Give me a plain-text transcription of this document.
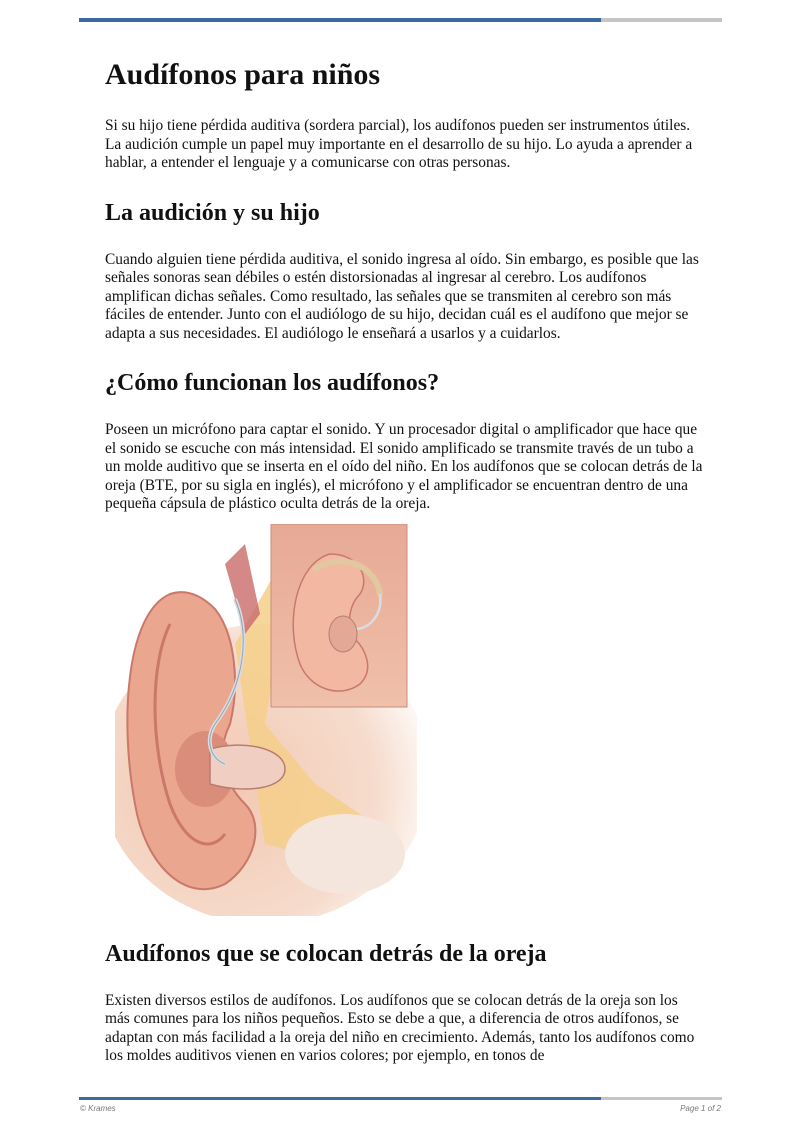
Audífonos para niños

Si su hijo tiene pérdida auditiva (sordera parcial), los audífonos pueden ser instrumentos útiles. La audición cumple un papel muy importante en el desarrollo de su hijo. Lo ayuda a aprender a hablar, a entender el lenguaje y a comunicarse con otras personas.

La audición y su hijo

Cuando alguien tiene pérdida auditiva, el sonido ingresa al oído. Sin embargo, es posible que las señales sonoras sean débiles o estén distorsionadas al ingresar al cerebro. Los audífonos amplifican dichas señales. Como resultado, las señales que se transmiten al cerebro son más fáciles de entender. Junto con el audiólogo de su hijo, decidan cuál es el audífono que mejor se adapta a sus necesidades. El audiólogo le enseñará a usarlos y a cuidarlos.

¿Cómo funcionan los audífonos?

Poseen un micrófono para captar el sonido. Y un procesador digital o amplificador que hace que el sonido se escuche con más intensidad. El sonido amplificado se transmite través de un tubo a un molde auditivo que se inserta en el oído del niño. En los audífonos que se colocan detrás de la oreja (BTE, por su sigla en inglés), el micrófono y el amplificador se encuentran dentro de una pequeña cápsula de plástico oculta detrás de la oreja.

Audífonos que se colocan detrás de la oreja

Existen diversos estilos de audífonos. Los audífonos que se colocan detrás de la oreja son los más comunes para los niños pequeños. Esto se debe a que, a diferencia de otros audífonos, se adaptan con más facilidad a la oreja del niño en crecimiento. Además, tanto los audífonos como los moldes auditivos vienen en varios colores; por ejemplo, en tonos de

© Krames	Page 1 of 2
